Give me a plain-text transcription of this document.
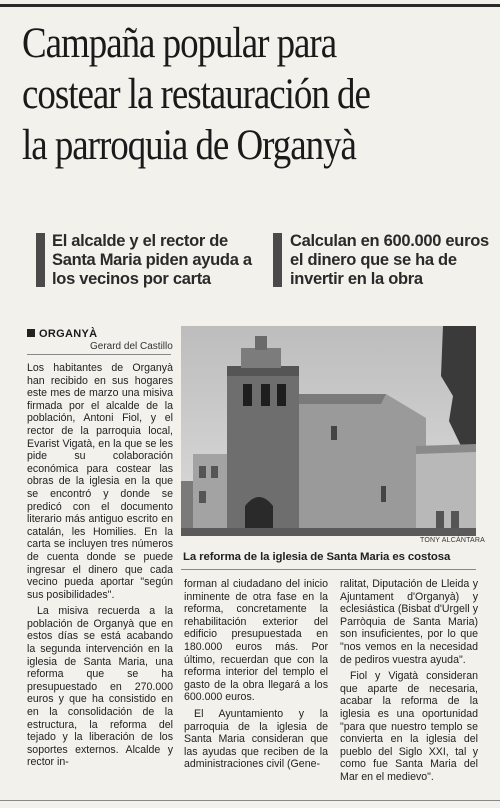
Campaña popular para
costear la restauración de
la parroquia de Organyà
El alcalde y el rector de Santa Maria piden ayuda a los vecinos por carta
Calculan en 600.000 euros el dinero que se ha de invertir en la obra
ORGANYÀ
Gerard del Castillo
TONY ALCÁNTARA
La reforma de la iglesia de Santa Maria es costosa

Los habitantes de Organyà han recibido en sus hogares este mes de marzo una misiva firmada por el alcalde de la población, Antoni Fiol, y el rector de la parroquia local, Evarist Vigatà, en la que se les pide su colaboración económica para costear las obras de la iglesia en la que se encontró y donde se predicó con el documento literario más antiguo escrito en catalán, les Homilies. En la carta se incluyen tres números de cuenta donde se puede ingresar el dinero que cada vecino pueda aportar "según sus posibilidades".

La misiva recuerda a la población de Organyà que en estos días se está acabando la segunda intervención en la iglesia de Santa Maria, una reforma que se ha presupuestado en 270.000 euros y que ha consistido en en la consolidación de la estructura, la reforma del tejado y la liberación de los soportes externos. Alcalde y rector in-

forman al ciudadano del inicio inminente de otra fase en la reforma, concretamente la rehabilitación exterior del edificio presupuestada en 180.000 euros más. Por último, recuerdan que con la reforma interior del templo el gasto de la obra llegará a los 600.000 euros.

El Ayuntamiento y la parroquia de la iglesia de Santa Maria consideran que las ayudas que reciben de la administraciones civil (Gene-

ralitat, Diputación de Lleida y Ajuntament d'Organyà) y eclesiástica (Bisbat d'Urgell y Parròquia de Santa Maria) son insuficientes, por lo que "nos vemos en la necesidad de pediros vuestra ayuda".

Fiol y Vigatà consideran que aparte de necesaria, acabar la reforma de la iglesia es una oportunidad "para que nuestro templo se convierta en la iglesia del pueblo del Siglo XXI, tal y como fue Santa Maria del Mar en el medievo".
